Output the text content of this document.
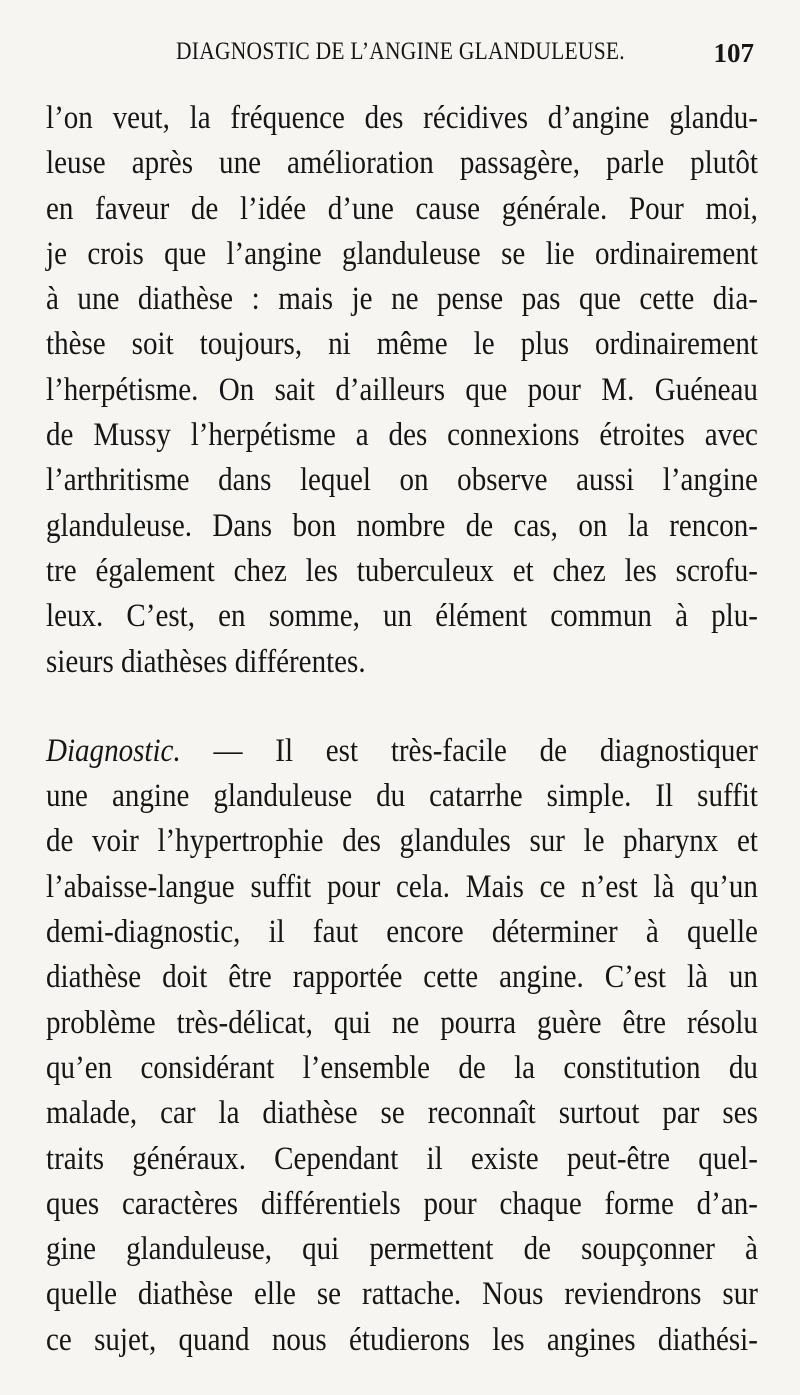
DIAGNOSTIC DE L’ANGINE GLANDULEUSE.	107
l’on veut, la fréquence des récidives d’angine glandu-
leuse après une amélioration passagère, parle plutôt
en faveur de l’idée d’une cause générale. Pour moi,
je crois que l’angine glanduleuse se lie ordinairement
à une diathèse : mais je ne pense pas que cette dia-
thèse soit toujours, ni même le plus ordinairement
l’herpétisme. On sait d’ailleurs que pour M. Guéneau
de Mussy l’herpétisme a des connexions étroites avec
l’arthritisme dans lequel on observe aussi l’angine
glanduleuse. Dans bon nombre de cas, on la rencon-
tre également chez les tuberculeux et chez les scrofu-
leux. C’est, en somme, un élément commun à plu-
sieurs diathèses différentes.
Diagnostic. — Il est très-facile de diagnostiquer
une angine glanduleuse du catarrhe simple. Il suffit
de voir l’hypertrophie des glandules sur le pharynx et
l’abaisse-langue suffit pour cela. Mais ce n’est là qu’un
demi-diagnostic, il faut encore déterminer à quelle
diathèse doit être rapportée cette angine. C’est là un
problème très-délicat, qui ne pourra guère être résolu
qu’en considérant l’ensemble de la constitution du
malade, car la diathèse se reconnaît surtout par ses
traits généraux. Cependant il existe peut-être quel-
ques caractères différentiels pour chaque forme d’an-
gine glanduleuse, qui permettent de soupçonner à
quelle diathèse elle se rattache. Nous reviendrons sur
ce sujet, quand nous étudierons les angines diathési-
